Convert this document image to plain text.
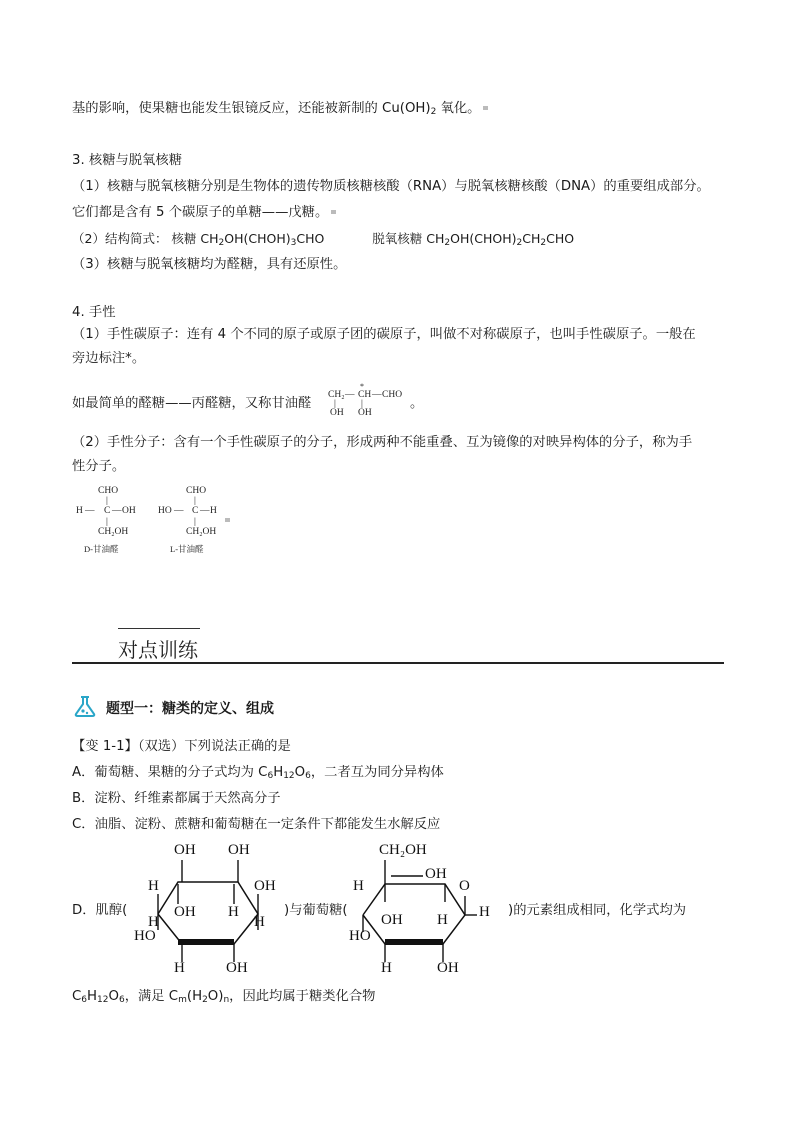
基的影响，使果糖也能发生银镜反应，还能被新制的 $Cu(OH)_2$ 氧化。
3. 核糖与脱氧核糖
（1）核糖与脱氧核糖分别是生物体的遗传物质核糖核酸（RNA）与脱氧核糖核酸（DNA）的重要组成部分。
它们都是含有 5 个碳原子的单糖——戊糖。
（2）结构简式： 核糖 $CH_2OH(CHOH)_3CHO$	脱氧核糖 $CH_2OH(CHOH)_2CH_2CHO$
（3）核糖与脱氧核糖均为醛糖，具有还原性。
4. 手性
（1）手性碳原子：连有 4 个不同的原子或原子团的碳原子，叫做不对称碳原子，也叫手性碳原子。一般在
旁边标注*。
如最简单的醛糖——丙醛糖，又称甘油醛
CH₂ —
*
CH — CHO
|	|
OH OH
。
（2）手性分子：含有一个手性碳原子的分子，形成两种不能重叠、互为镜像的对映异构体的分子，称为手
性分子。
CHO
|
H — C — OH
|
CH₂OH
D-甘油醛
CHO
|
HO — C — H
|
CH₂OH
L-甘油醛
对点训练
题型一：糖类的定义、组成
【变 1-1】（双选）下列说法正确的是
A．葡萄糖、果糖的分子式均为 $C_6H_{12}O_6$，二者互为同分异构体
B．淀粉、纤维素都属于天然高分子
C．油脂、淀粉、蔗糖和葡萄糖在一定条件下都能发生水解反应
D．肌醇(
OH OH
H	OH
OH H
H	H
HO
H	OH
)与葡萄糖(
CH₂OH
OH
O
H
OH H H
HO
H	OH
)的元素组成相同，化学式均为
$C_6H_{12}O_6$，满足 $C_m(H_2O)_n$，因此均属于糖类化合物
